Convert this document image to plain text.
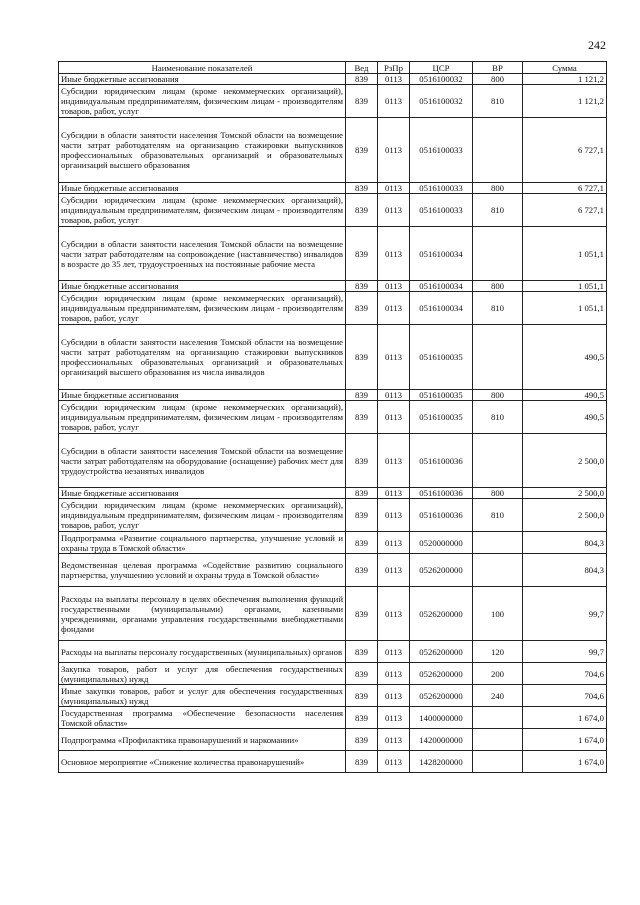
242
Наименование показателей	Вед	РзПр	ЦСР	ВР	Сумма
Иные бюджетные ассигнования	839	0113	0516100032	800	1 121,2
Субсидии юридическим лицам (кроме некоммерческих организаций), индивидуальным предпринимателям, физическим лицам - производителям товаров, работ, услуг	839	0113	0516100032	810	1 121,2
Субсидии в области занятости населения Томской области на возмещение части затрат работодателям на организацию стажировки выпускников профессиональных образовательных организаций и образовательных организаций высшего образования	839	0113	0516100033		6 727,1
Иные бюджетные ассигнования	839	0113	0516100033	800	6 727,1
Субсидии юридическим лицам (кроме некоммерческих организаций), индивидуальным предпринимателям, физическим лицам - производителям товаров, работ, услуг	839	0113	0516100033	810	6 727,1
Субсидии в области занятости населения Томской области на возмещение части затрат работодателям на сопровождение (наставничество) инвалидов в возрасте до 35 лет, трудоустроенных на постоянные рабочие места	839	0113	0516100034		1 051,1
Иные бюджетные ассигнования	839	0113	0516100034	800	1 051,1
Субсидии юридическим лицам (кроме некоммерческих организаций), индивидуальным предпринимателям, физическим лицам - производителям товаров, работ, услуг	839	0113	0516100034	810	1 051,1
Субсидии в области занятости населения Томской области на возмещение части затрат работодателям на организацию стажировки выпускников профессиональных образовательных организаций и образовательных организаций высшего образования из числа инвалидов	839	0113	0516100035		490,5
Иные бюджетные ассигнования	839	0113	0516100035	800	490,5
Субсидии юридическим лицам (кроме некоммерческих организаций), индивидуальным предпринимателям, физическим лицам - производителям товаров, работ, услуг	839	0113	0516100035	810	490,5
Субсидии в области занятости населения Томской области на возмещение части затрат работодателям на оборудование (оснащение) рабочих мест для трудоустройства незанятых инвалидов	839	0113	0516100036		2 500,0
Иные бюджетные ассигнования	839	0113	0516100036	800	2 500,0
Субсидии юридическим лицам (кроме некоммерческих организаций), индивидуальным предпринимателям, физическим лицам - производителям товаров, работ, услуг	839	0113	0516100036	810	2 500,0
Подпрограмма «Развитие социального партнерства, улучшение условий и охраны труда в Томской области»	839	0113	0520000000		804,3
Ведомственная целевая программа «Содействие развитию социального партнерства, улучшению условий и охраны труда в Томской области»	839	0113	0526200000		804,3
Расходы на выплаты персоналу в целях обеспечения выполнения функций государственными (муниципальными) органами, казенными учреждениями, органами управления государственными внебюджетными фондами	839	0113	0526200000	100	99,7
Расходы на выплаты персоналу государственных (муниципальных) органов	839	0113	0526200000	120	99,7
Закупка товаров, работ и услуг для обеспечения государственных (муниципальных) нужд	839	0113	0526200000	200	704,6
Иные закупки товаров, работ и услуг для обеспечения государственных (муниципальных) нужд	839	0113	0526200000	240	704,6
Государственная программа «Обеспечение безопасности населения Томской области»	839	0113	1400000000		1 674,0
Подпрограмма «Профилактика правонарушений и наркомании»	839	0113	1420000000		1 674,0
Основное мероприятие «Снижение количества правонарушений»	839	0113	1428200000		1 674,0
